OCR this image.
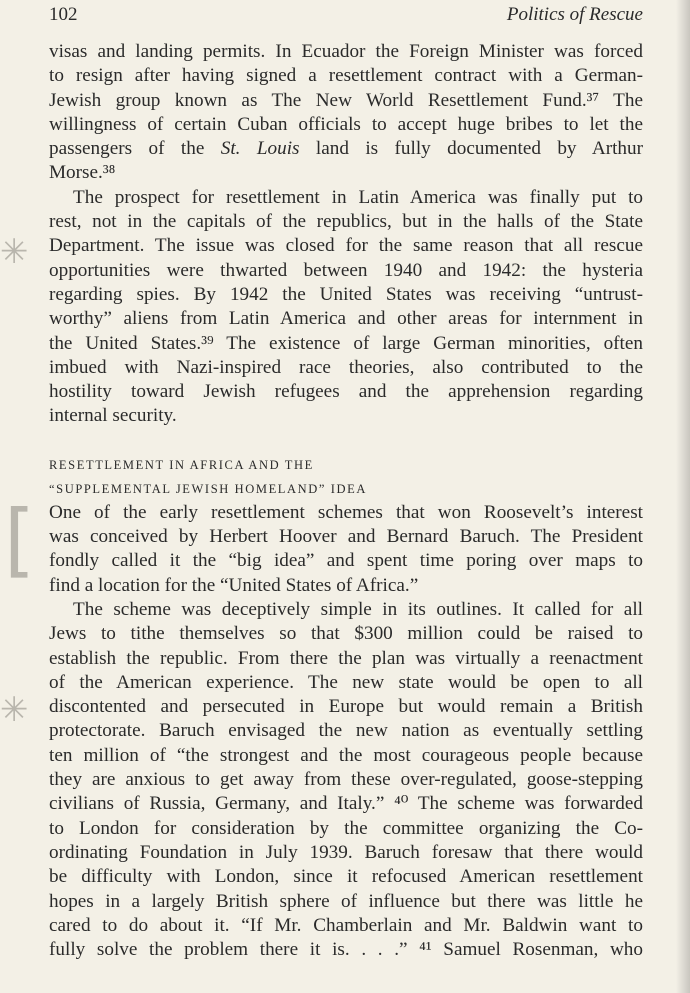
102	Politics of Rescue
✳
[
✳
visas and landing permits. In Ecuador the Foreign Minister was forced
to resign after having signed a resettlement contract with a German-
Jewish group known as The New World Resettlement Fund.³⁷ The
willingness of certain Cuban officials to accept huge bribes to let the
passengers of the St. Louis land is fully documented by Arthur
Morse.³⁸
The prospect for resettlement in Latin America was finally put to
rest, not in the capitals of the republics, but in the halls of the State
Department. The issue was closed for the same reason that all rescue
opportunities were thwarted between 1940 and 1942: the hysteria
regarding spies. By 1942 the United States was receiving “untrust-
worthy” aliens from Latin America and other areas for internment in
the United States.³⁹ The existence of large German minorities, often
imbued with Nazi-inspired race theories, also contributed to the
hostility toward Jewish refugees and the apprehension regarding
internal security.
RESETTLEMENT IN AFRICA AND THE
“SUPPLEMENTAL JEWISH HOMELAND” IDEA
One of the early resettlement schemes that won Roosevelt’s interest
was conceived by Herbert Hoover and Bernard Baruch. The President
fondly called it the “big idea” and spent time poring over maps to
find a location for the “United States of Africa.”
The scheme was deceptively simple in its outlines. It called for all
Jews to tithe themselves so that $300 million could be raised to
establish the republic. From there the plan was virtually a reenactment
of the American experience. The new state would be open to all
discontented and persecuted in Europe but would remain a British
protectorate. Baruch envisaged the new nation as eventually settling
ten million of “the strongest and the most courageous people because
they are anxious to get away from these over-regulated, goose-stepping
civilians of Russia, Germany, and Italy.” ⁴⁰ The scheme was forwarded
to London for consideration by the committee organizing the Co-
ordinating Foundation in July 1939. Baruch foresaw that there would
be difficulty with London, since it refocused American resettlement
hopes in a largely British sphere of influence but there was little he
cared to do about it. “If Mr. Chamberlain and Mr. Baldwin want to
fully solve the problem there it is. . . .” ⁴¹ Samuel Rosenman, who
